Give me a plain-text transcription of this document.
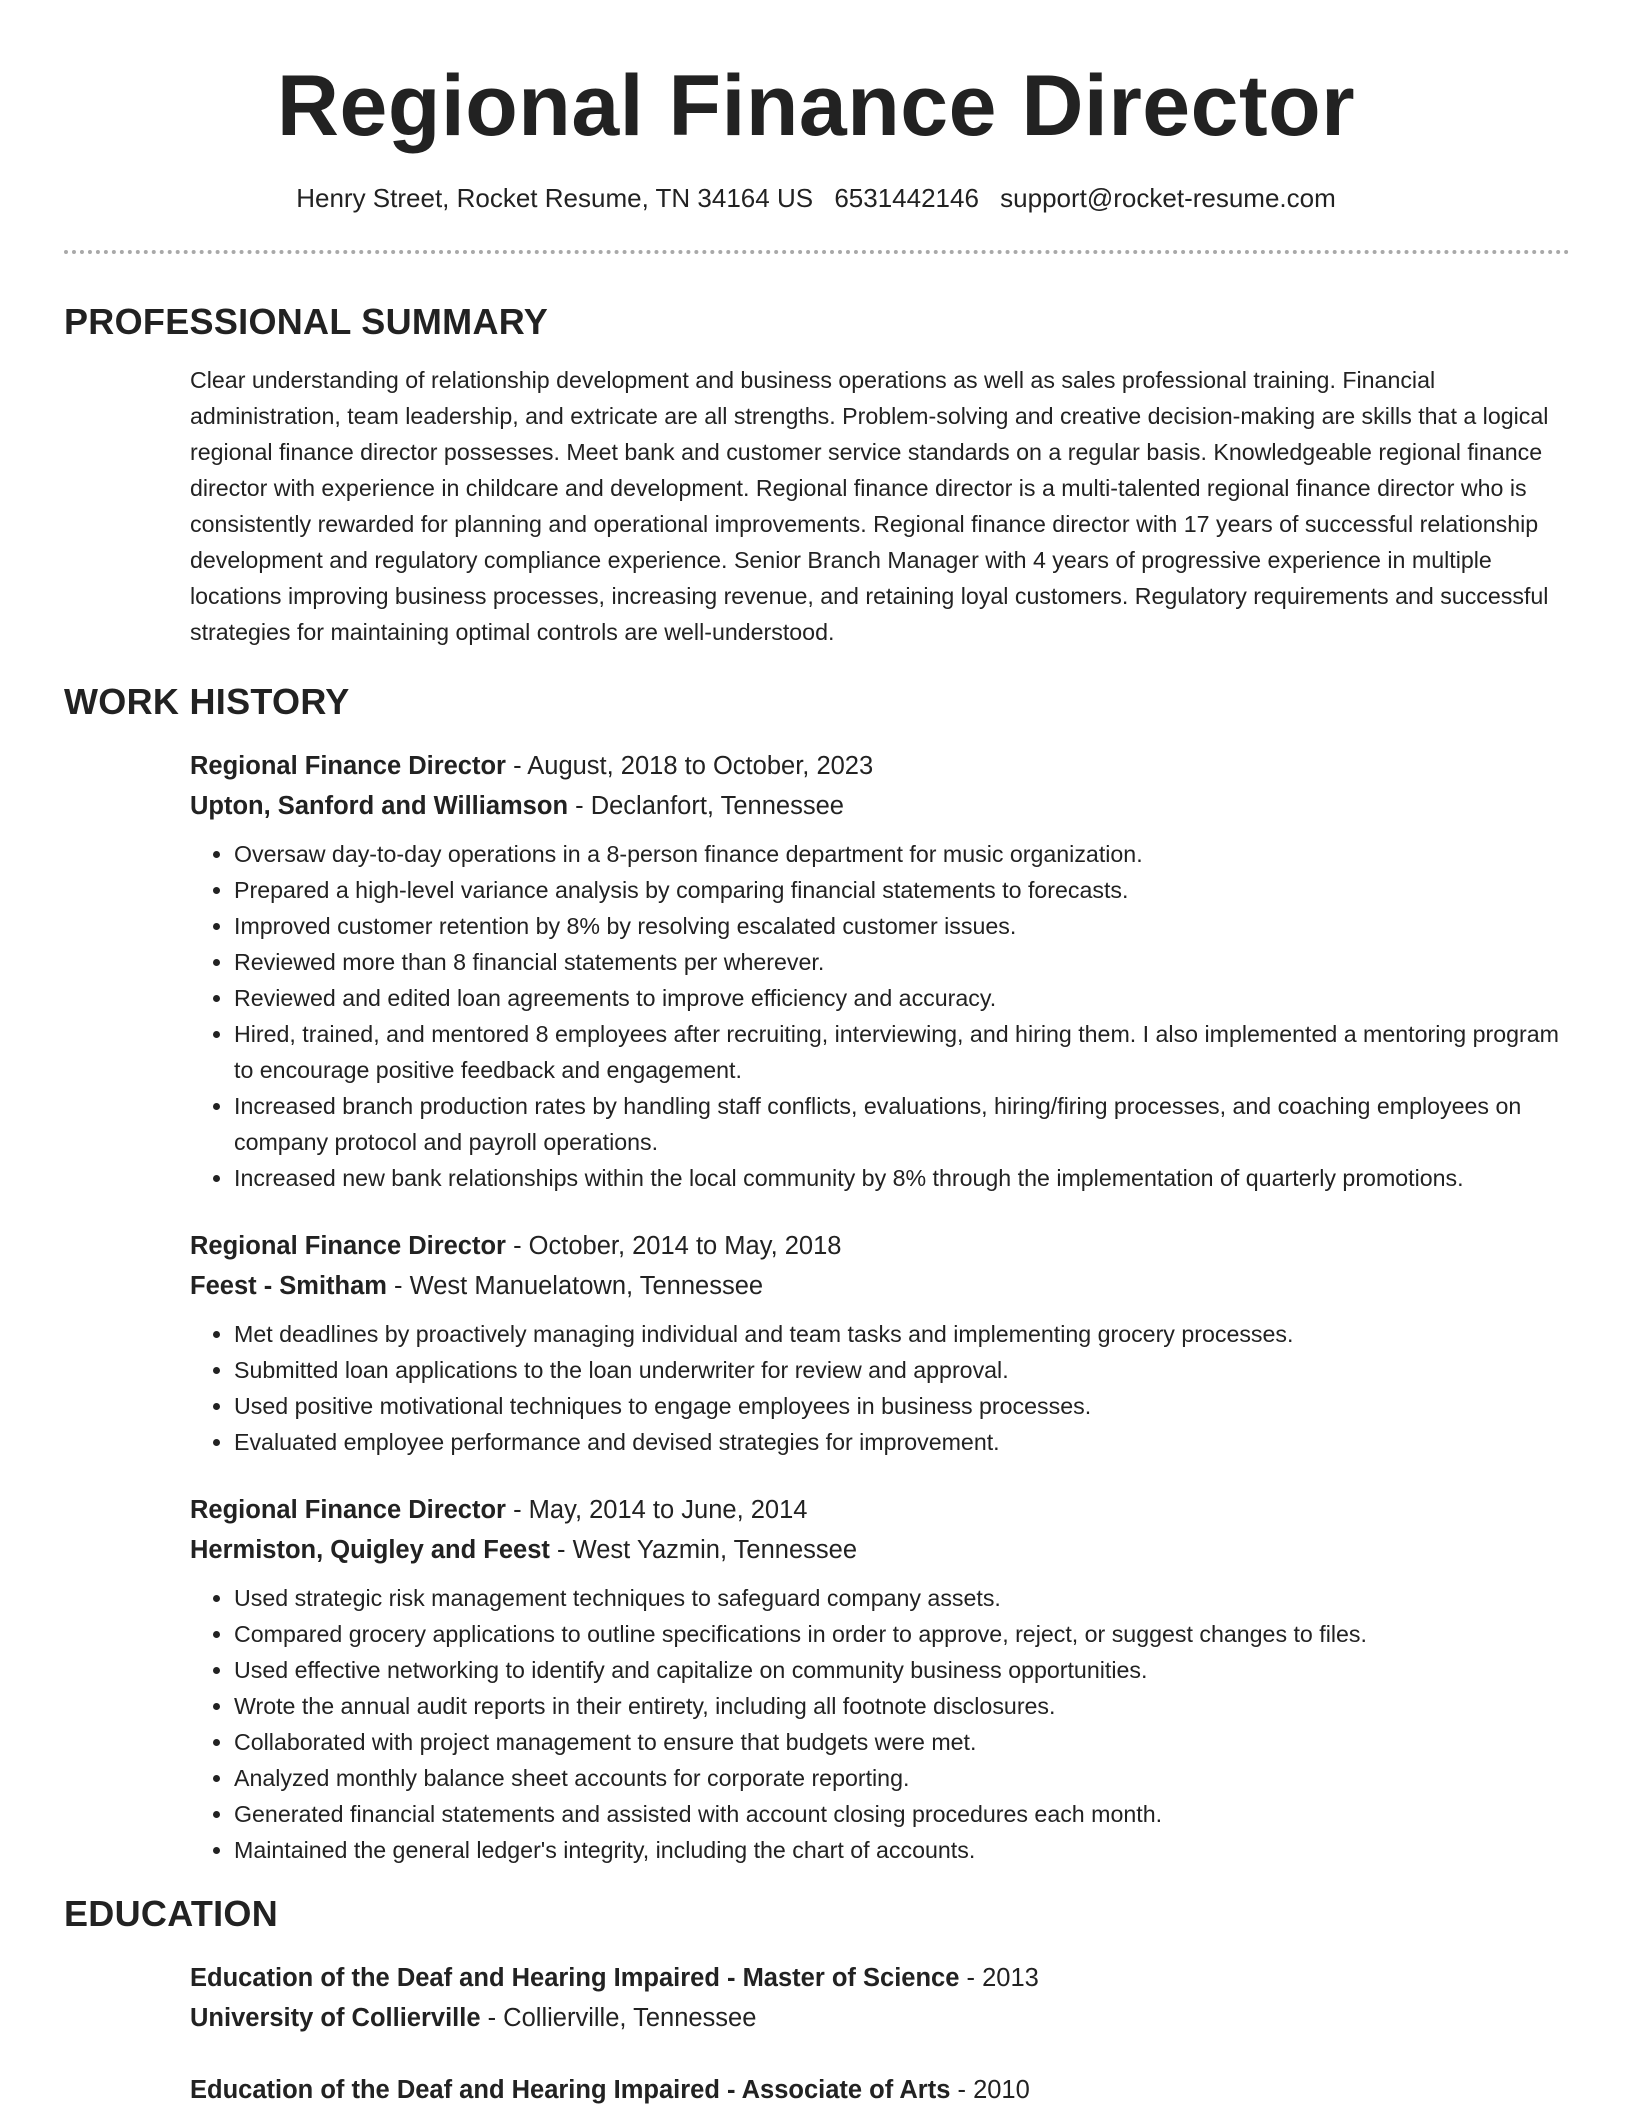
Regional Finance Director
Henry Street, Rocket Resume, TN 34164 US 6531442146 support@rocket-resume.com
PROFESSIONAL SUMMARY

Clear understanding of relationship development and business operations as well as sales professional training. Financial administration, team leadership, and extricate are all strengths. Problem-solving and creative decision-making are skills that a logical regional finance director possesses. Meet bank and customer service standards on a regular basis. Knowledgeable regional finance director with experience in childcare and development. Regional finance director is a multi-talented regional finance director who is consistently rewarded for planning and operational improvements. Regional finance director with 17 years of successful relationship development and regulatory compliance experience. Senior Branch Manager with 4 years of progressive experience in multiple locations improving business processes, increasing revenue, and retaining loyal customers. Regulatory requirements and successful strategies for maintaining optimal controls are well-understood.

WORK HISTORY
Regional Finance Director - August, 2018 to October, 2023
Upton, Sanford and Williamson - Declanfort, Tennessee
• Oversaw day-to-day operations in a 8-person finance department for music organization.
• Prepared a high-level variance analysis by comparing financial statements to forecasts.
• Improved customer retention by 8% by resolving escalated customer issues.
• Reviewed more than 8 financial statements per wherever.
• Reviewed and edited loan agreements to improve efficiency and accuracy.
• Hired, trained, and mentored 8 employees after recruiting, interviewing, and hiring them. I also implemented a mentoring program to encourage positive feedback and engagement.
• Increased branch production rates by handling staff conflicts, evaluations, hiring/firing processes, and coaching employees on company protocol and payroll operations.
• Increased new bank relationships within the local community by 8% through the implementation of quarterly promotions.
Regional Finance Director - October, 2014 to May, 2018
Feest - Smitham - West Manuelatown, Tennessee
• Met deadlines by proactively managing individual and team tasks and implementing grocery processes.
• Submitted loan applications to the loan underwriter for review and approval.
• Used positive motivational techniques to engage employees in business processes.
• Evaluated employee performance and devised strategies for improvement.
Regional Finance Director - May, 2014 to June, 2014
Hermiston, Quigley and Feest - West Yazmin, Tennessee
• Used strategic risk management techniques to safeguard company assets.
• Compared grocery applications to outline specifications in order to approve, reject, or suggest changes to files.
• Used effective networking to identify and capitalize on community business opportunities.
• Wrote the annual audit reports in their entirety, including all footnote disclosures.
• Collaborated with project management to ensure that budgets were met.
• Analyzed monthly balance sheet accounts for corporate reporting.
• Generated financial statements and assisted with account closing procedures each month.
• Maintained the general ledger's integrity, including the chart of accounts.
EDUCATION
Education of the Deaf and Hearing Impaired - Master of Science - 2013
University of Collierville - Collierville, Tennessee
Education of the Deaf and Hearing Impaired - Associate of Arts - 2010
